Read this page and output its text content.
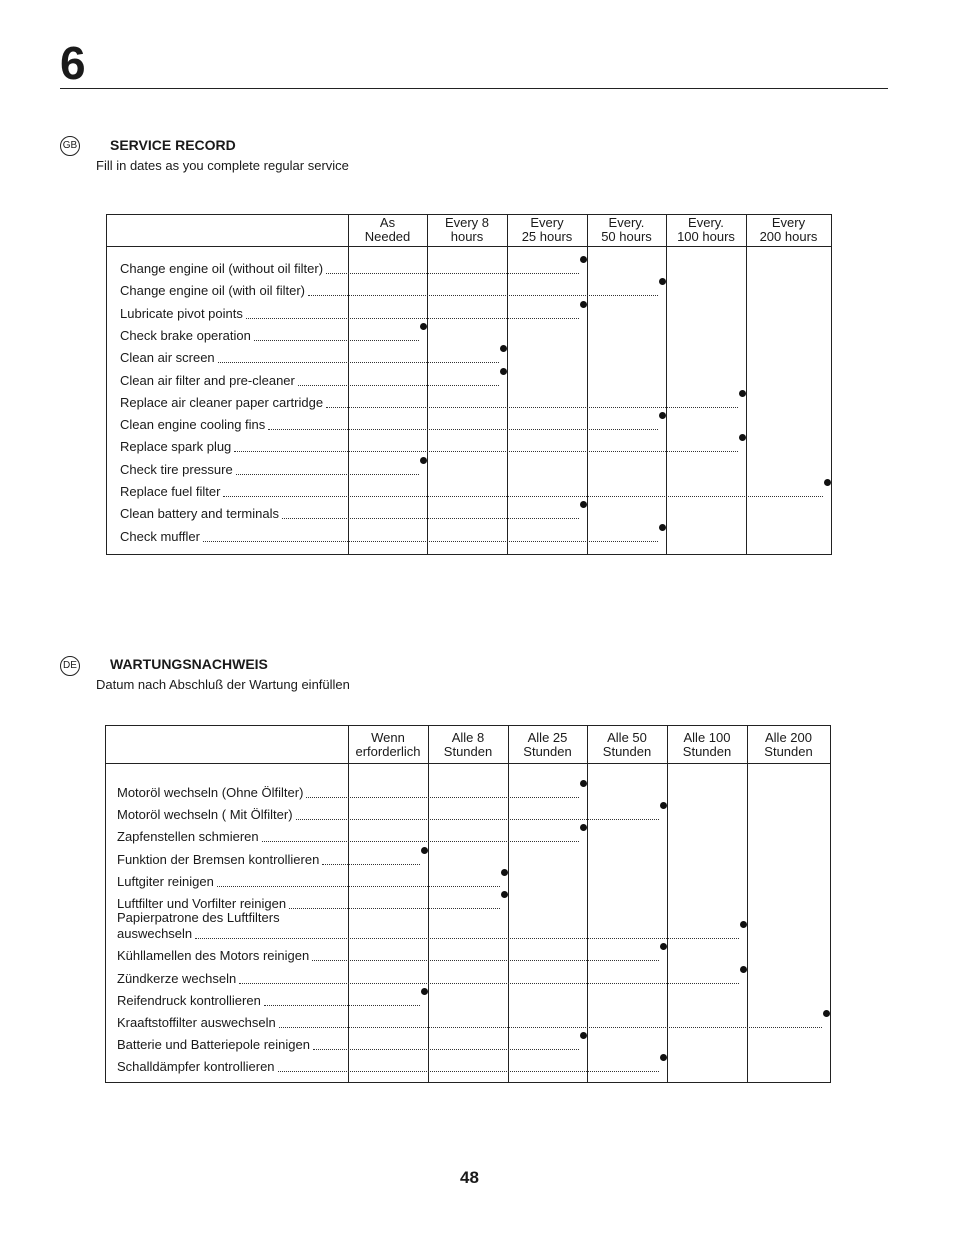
6
GB SERVICE RECORD
Fill in dates as you complete regular service
As
Needed
Every 8
hours
Every
25 hours
Every.
50 hours
Every.
100 hours
Every
200 hours
Change engine oil (without oil filter)
Change engine oil (with oil filter)
Lubricate pivot points
Check brake operation
Clean air screen
Clean air filter and pre-cleaner
Replace air cleaner paper cartridge
Clean engine cooling fins
Replace spark plug
Check tire pressure
Replace fuel filter
Clean battery and terminals
Check muffler
DE WARTUNGSNACHWEIS
Datum nach Abschluß der Wartung einfüllen
Wenn
erforderlich
Alle 8
Stunden
Alle 25
Stunden
Alle 50
Stunden
Alle 100
Stunden
Alle 200
Stunden
Motoröl wechseln (Ohne Ölfilter)
Motoröl wechseln ( Mit Ölfilter)
Zapfenstellen schmieren
Funktion der Bremsen kontrollieren
Luftgiter reinigen
Luftfilter und Vorfilter reinigen
Papierpatrone des Luftfilters
auswechseln
Kühllamellen des Motors reinigen
Zündkerze wechseln
Reifendruck kontrollieren
Kraaftstoffilter auswechseln
Batterie und Batteriepole reinigen
Schalldämpfer kontrollieren
48
